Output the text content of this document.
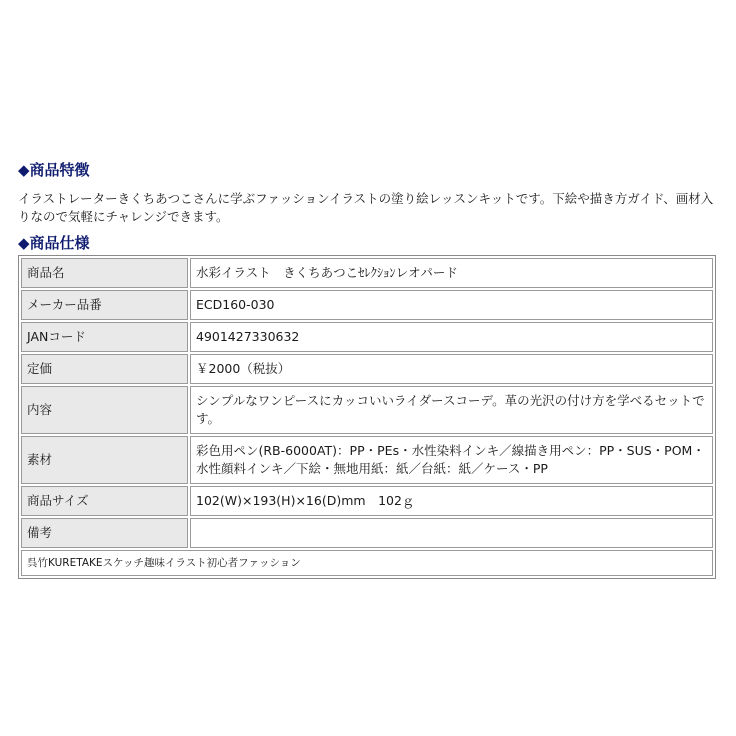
◆商品特徴
イラストレーターきくちあつこさんに学ぶファッションイラストの塗り絵レッスンキットです。下絵や描き方ガイド、画材入りなので気軽にチャレンジできます。
◆商品仕様
商品名	水彩イラスト　きくちあつこｾﾚｸｼｮﾝレオパード
メーカー品番	ECD160-030
JANコード	4901427330632
定価	￥2000（税抜）
内容	シンプルなワンピースにカッコいいライダースコーデ。革の光沢の付け方を学べるセットです。
素材	彩色用ペン(RB-6000AT)：PP・PEs・水性染料インキ／線描き用ペン：PP・SUS・POM・水性顔料インキ／下絵・無地用紙：紙／台紙：紙／ケース・PP
商品サイズ	102(W)×193(H)×16(D)mm　102ｇ
備考	
呉竹KURETAKEスケッチ趣味イラスト初心者ファッション	
